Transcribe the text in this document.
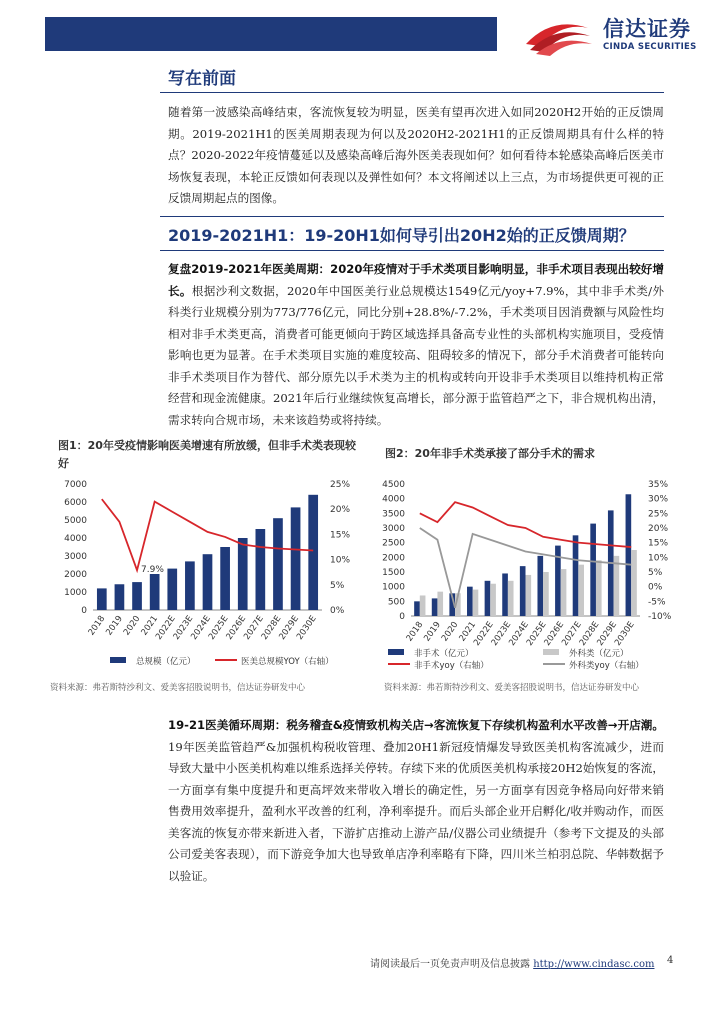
信达证券
CINDA SECURITIES
写在前面
随着第一波感染高峰结束，客流恢复较为明显，医美有望再次进入如同2020H2开始的正反馈周期。2019-2021H1的医美周期表现为何以及2020H2-2021H1的正反馈周期具有什么样的特点？2020-2022年疫情蔓延以及感染高峰后海外医美表现如何？如何看待本轮感染高峰后医美市场恢复表现，本轮正反馈如何表现以及弹性如何？本文将阐述以上三点，为市场提供更可视的正反馈周期起点的图像。
2019-2021H1：19-20H1如何导引出20H2始的正反馈周期？
复盘2019-2021年医美周期：2020年疫情对于手术类项目影响明显，非手术项目表现出较好增长。根据沙利文数据，2020年中国医美行业总规模达1549亿元/yoy+7.9%，其中非手术类/外科类行业规模分别为773/776亿元，同比分别+28.8%/-7.2%，手术类项目因消费额与风险性均相对非手术类更高，消费者可能更倾向于跨区域选择具备高专业性的头部机构实施项目，受疫情影响也更为显著。在手术类项目实施的难度较高、阻碍较多的情况下，部分手术消费者可能转向非手术类项目作为替代、部分原先以手术类为主的机构或转向开设非手术类项目以维持机构正常经营和现金流健康。2021年后行业继续恢复高增长，部分源于监管趋严之下，非合规机构出清，需求转向合规市场，未来该趋势或将持续。
图1：20年受疫情影响医美增速有所放缓，但非手术类表现较好
0
1000
2000
3000
4000
5000
6000
7000
0%
5%
10%
15%
20%
25%
2018
2019
2020
2021
2022E
2023E
2024E
2025E
2026E
2027E
2028E
2029E
2030E
总规模（亿元）	医美总规模YOY（右轴）
7.9%
资料来源：弗若斯特沙利文、爱美客招股说明书，信达证券研发中心
图2：20年非手术类承接了部分手术的需求
0
500
1000
1500
2000
2500
3000
3500
4000
4500
-10%
-5%
0%
5%
10%
15%
20%
25%
30%
35%
2018
2019
2020
2021
2022E
2023E
2024E
2025E
2026E
2027E
2028E
2029E
2030E
非手术（亿元）	外科类（亿元）
非手术yoy（右轴）	外科类yoy（右轴）
资料来源：弗若斯特沙利文、爱美客招股说明书，信达证券研发中心
19-21医美循环周期：税务稽查&疫情致机构关店→客流恢复下存续机构盈利水平改善→开店潮。19年医美监管趋严&加强机构税收管理、叠加20H1新冠疫情爆发导致医美机构客流减少，进而导致大量中小医美机构难以维系选择关停转。存续下来的优质医美机构承接20H2始恢复的客流，一方面享有集中度提升和更高坪效来带收入增长的确定性，另一方面享有因竞争格局向好带来销售费用效率提升，盈利水平改善的红利，净利率提升。而后头部企业开启孵化/收并购动作，而医美客流的恢复亦带来新进入者，下游扩店推动上游产品/仪器公司业绩提升（参考下文提及的头部公司爱美客表现），而下游竞争加大也导致单店净利率略有下降，四川米兰柏羽总院、华韩数据予以验证。
请阅读最后一页免责声明及信息披露 http://www.cindasc.com 4
